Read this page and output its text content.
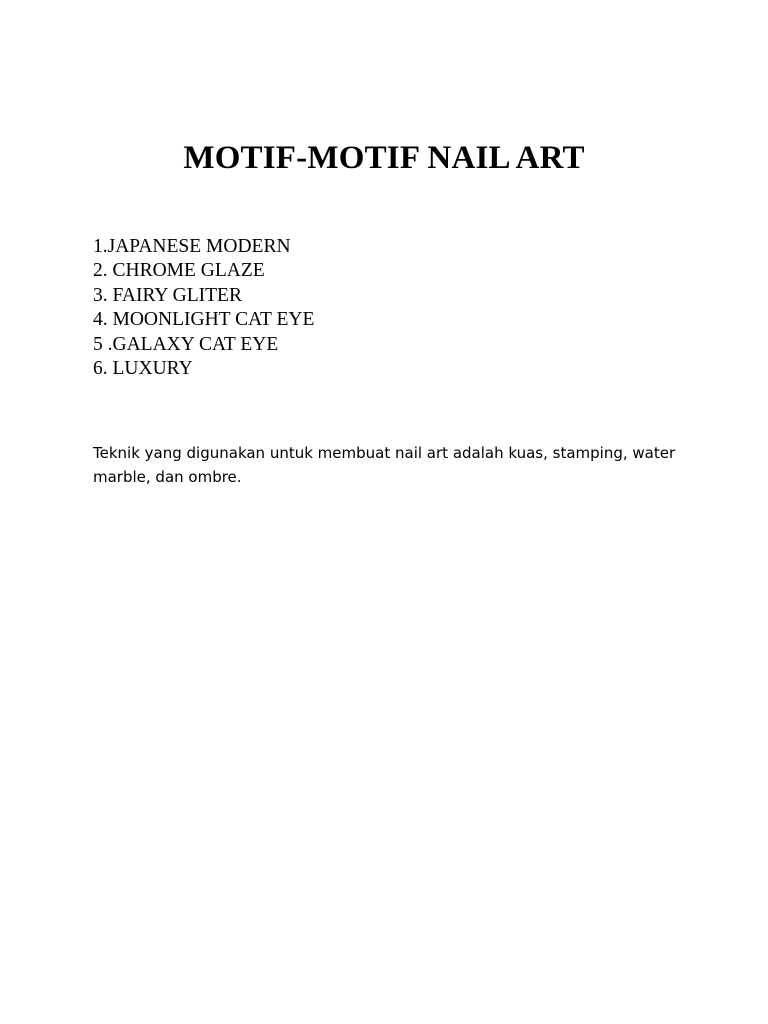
MOTIF-MOTIF NAIL ART
1.JAPANESE MODERN
2. CHROME GLAZE
3. FAIRY GLITER
4. MOONLIGHT CAT EYE
5 .GALAXY CAT EYE
6. LUXURY

Teknik yang digunakan untuk membuat nail art adalah kuas, stamping, water marble, dan ombre.
